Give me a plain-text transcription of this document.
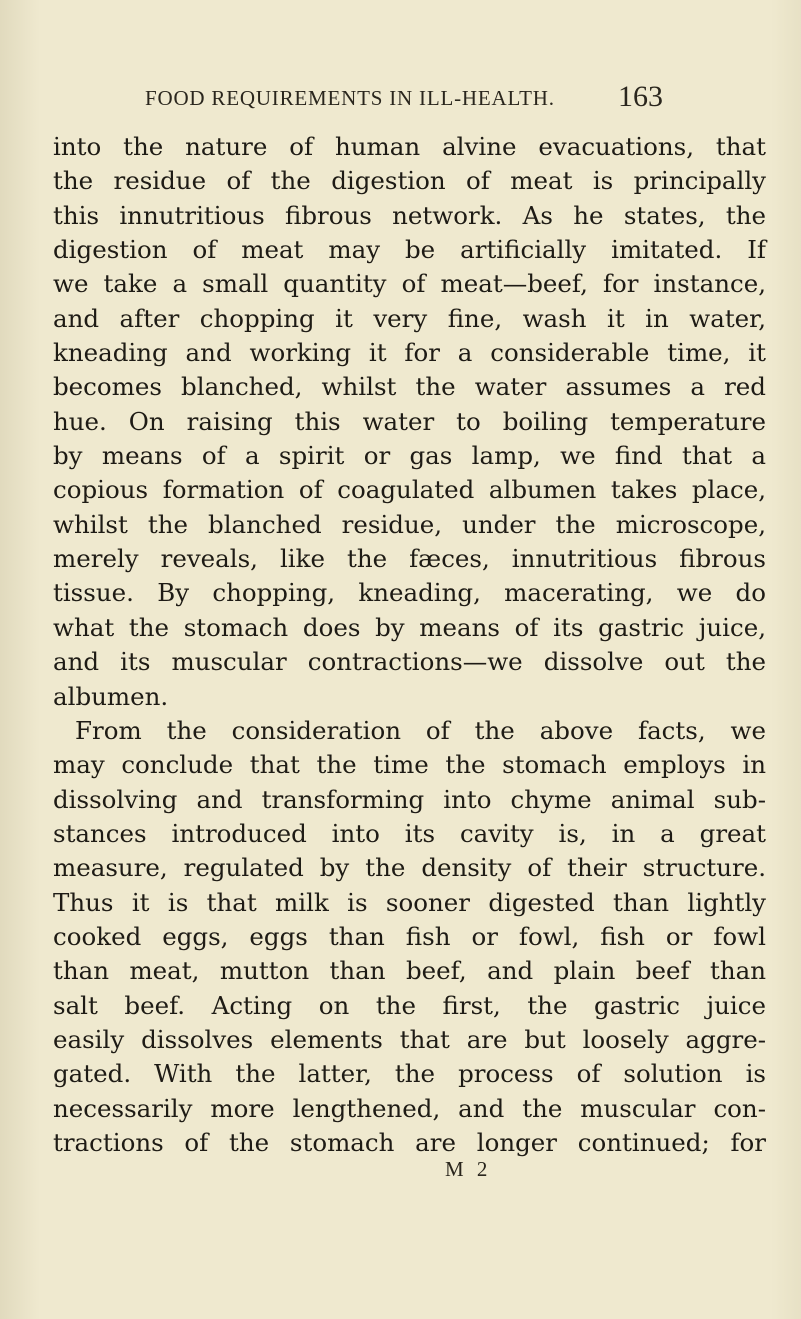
FOOD REQUIREMENTS IN ILL-HEALTH. 163
into the nature of human alvine evacuations, that
the residue of the digestion of meat is principally
this innutritious fibrous network. As he states, the
digestion of meat may be artificially imitated. If
we take a small quantity of meat—beef, for instance,
and after chopping it very fine, wash it in water,
kneading and working it for a considerable time, it
becomes blanched, whilst the water assumes a red
hue. On raising this water to boiling temperature
by means of a spirit or gas lamp, we find that a
copious formation of coagulated albumen takes place,
whilst the blanched residue, under the microscope,
merely reveals, like the fæces, innutritious fibrous
tissue. By chopping, kneading, macerating, we do
what the stomach does by means of its gastric juice,
and its muscular contractions—we dissolve out the
albumen.
From the consideration of the above facts, we
may conclude that the time the stomach employs in
dissolving and transforming into chyme animal sub-
stances introduced into its cavity is, in a great
measure, regulated by the density of their structure.
Thus it is that milk is sooner digested than lightly
cooked eggs, eggs than fish or fowl, fish or fowl
than meat, mutton than beef, and plain beef than
salt beef. Acting on the first, the gastric juice
easily dissolves elements that are but loosely aggre-
gated. With the latter, the process of solution is
necessarily more lengthened, and the muscular con-
tractions of the stomach are longer continued; for
M 2
